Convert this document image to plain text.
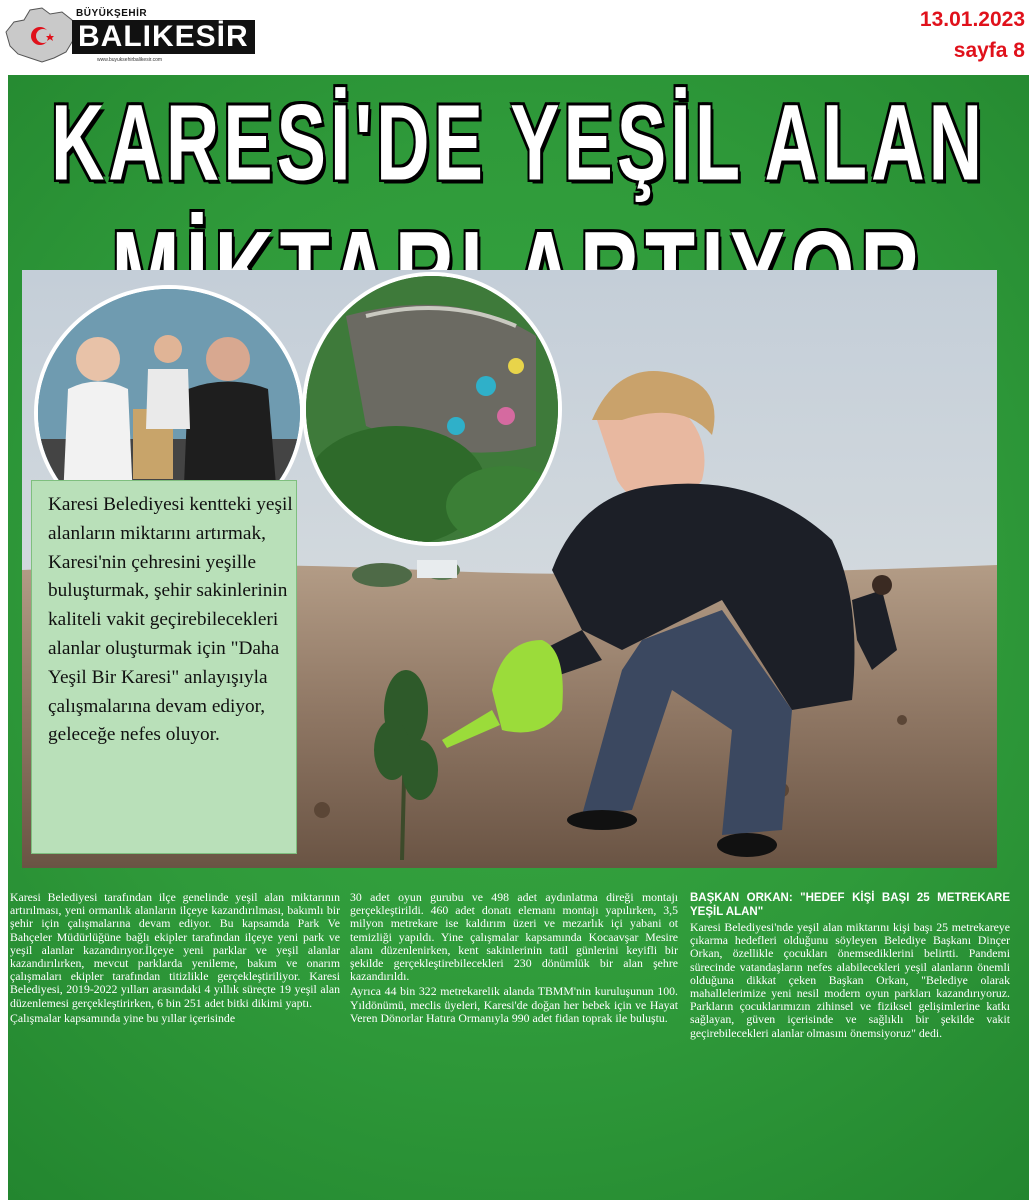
BÜYÜKŞEHİR
BALIKESİR
www.buyuksehirbalikesir.com
13.01.2023
sayfa 8
KARESİ'DE YEŞİL ALAN
Karesi Belediyesi kentteki yeşil alanların miktarını artırmak, Karesi'nin çehresini yeşille buluşturmak, şehir sakinlerinin kaliteli vakit geçirebilecekleri alanlar oluşturmak için "Daha Yeşil Bir Karesi" anlayışıyla çalışmalarına devam ediyor, geleceğe nefes oluyor.

Karesi Belediyesi tarafından ilçe genelinde yeşil alan miktarının artırılması, yeni ormanlık alanların ilçeye kazandırılması, bakımlı bir şehir için çalışmalarına devam ediyor. Bu kapsamda Park Ve Bahçeler Müdürlüğüne bağlı ekipler tarafından ilçeye yeni park ve yeşil alanlar kazandırıyor.İlçeye yeni parklar ve yeşil alanlar kazandırılırken, mevcut parklarda yenileme, bakım ve onarım çalışmaları ekipler tarafından titizlikle gerçekleştiriliyor. Karesi Belediyesi, 2019-2022 yılları arasındaki 4 yıllık süreçte 19 yeşil alan düzenlemesi gerçekleştirirken, 6 bin 251 adet bitki dikimi yaptı.

Çalışmalar kapsamında yine bu yıllar içerisinde

30 adet oyun gurubu ve 498 adet aydınlatma direği montajı gerçekleştirildi. 460 adet donatı elemanı montajı yapılırken, 3,5 milyon metrekare ise kaldırım üzeri ve mezarlık içi yabani ot temizliği yapıldı. Yine çalışmalar kapsamında Kocaavşar Mesire alanı düzenlenirken, kent sakinlerinin tatil günlerini keyifli bir şekilde gerçekleştirebilecekleri 230 dönümlük bir alan şehre kazandırıldı.

Ayrıca 44 bin 322 metrekarelik alanda TBMM'nin kuruluşunun 100. Yıldönümü, meclis üyeleri, Karesi'de doğan her bebek için ve Hayat Veren Dönorlar Hatıra Ormanıyla 990 adet fidan toprak ile buluştu.

BAŞKAN ORKAN: "HEDEF KİŞİ BAŞI 25 METREKARE YEŞİL ALAN"

Karesi Belediyesi'nde yeşil alan miktarını kişi başı 25 metrekareye çıkarma hedefleri olduğunu söyleyen Belediye Başkanı Dinçer Orkan, özellikle çocukları önemsediklerini belirtti. Pandemi sürecinde vatandaşların nefes alabilecekleri yeşil alanların önemli olduğuna dikkat çeken Başkan Orkan, "Belediye olarak mahallelerimize yeni nesil modern oyun parkları kazandırıyoruz. Parkların çocuklarımızın zihinsel ve fiziksel gelişimlerine katkı sağlayan, güven içerisinde ve sağlıklı bir şekilde vakit geçirebilecekleri alanlar olmasını önemsiyoruz" dedi.
